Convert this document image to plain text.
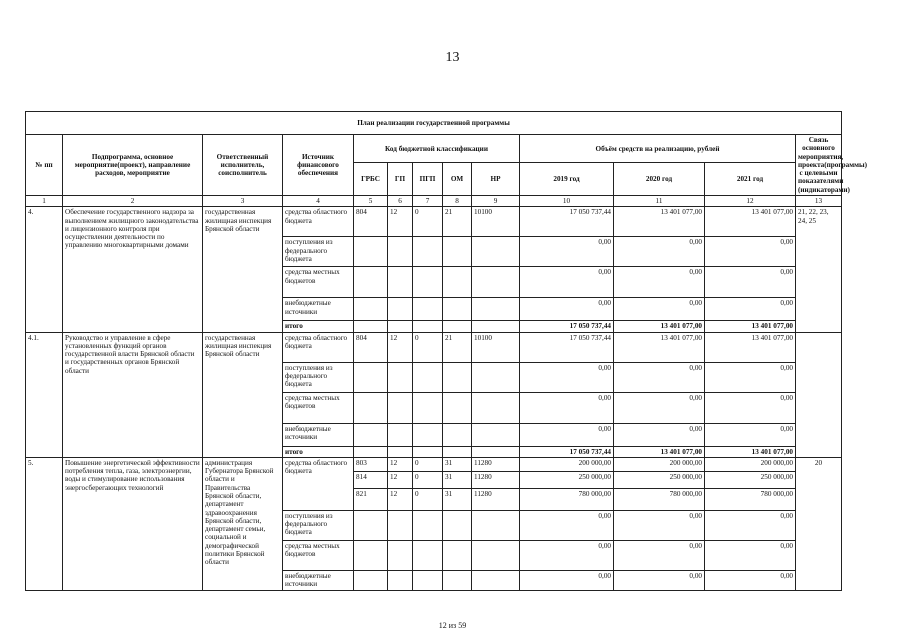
13
План реализации государственной программы												
№ пп	Подпрограмма, основное мероприятие(проект), направление расходов, мероприятие	Ответственный исполнитель, соисполнитель	Источник финансового обеспечения	Код бюджетной классификации					Объём средств на реализацию, рублей			Связь основного мероприятия, проекта(программы) с целевыми показателями (индикаторами)
				ГРБС	ГП	ПГП	ОМ	НР	2019 год	2020 год	2021 год	
1	2	3	4	5	6	7	8	9	10	11	12	13
4.	Обеспечение государственного надзора за выполнением жилищного законодательства и лицензионного контроля при осуществлении деятельности по управлению многоквартирными домами	государственная жилищная инспекция Брянской области	средства областного бюджета	804	12	0	21	10100	17 050 737,44	13 401 077,00	13 401 077,00	21, 22, 23, 24, 25
			поступления из федерального бюджета						0,00	0,00	0,00	
			средства местных бюджетов						0,00	0,00	0,00	
			внебюджетные источники						0,00	0,00	0,00	
			итого						17 050 737,44	13 401 077,00	13 401 077,00	
4.1.	Руководство и управление в сфере установленных функций органов государственной власти Брянской области и государственных органов Брянской области	государственная жилищная инспекция Брянской области	средства областного бюджета	804	12	0	21	10100	17 050 737,44	13 401 077,00	13 401 077,00	
			поступления из федерального бюджета						0,00	0,00	0,00	
			средства местных бюджетов						0,00	0,00	0,00	
			внебюджетные источники						0,00	0,00	0,00	
			итого						17 050 737,44	13 401 077,00	13 401 077,00	
5.	Повышение энергетической эффективности потребления тепла, газа, электроэнергии, воды и стимулирование использования энергосберегающих технологий	администрация Губернатора Брянской области и Правительства Брянской области, департамент здравоохранения Брянской области, департамент семьи, социальной и демографической политики Брянской области	средства областного бюджета	803	12	0	31	11280	200 000,00	200 000,00	200 000,00	20
				814	12	0	31	11280	250 000,00	250 000,00	250 000,00	
				821	12	0	31	11280	780 000,00	780 000,00	780 000,00	
			поступления из федерального бюджета						0,00	0,00	0,00	
			средства местных бюджетов						0,00	0,00	0,00	
			внебюджетные источники						0,00	0,00	0,00	
12 из 59
